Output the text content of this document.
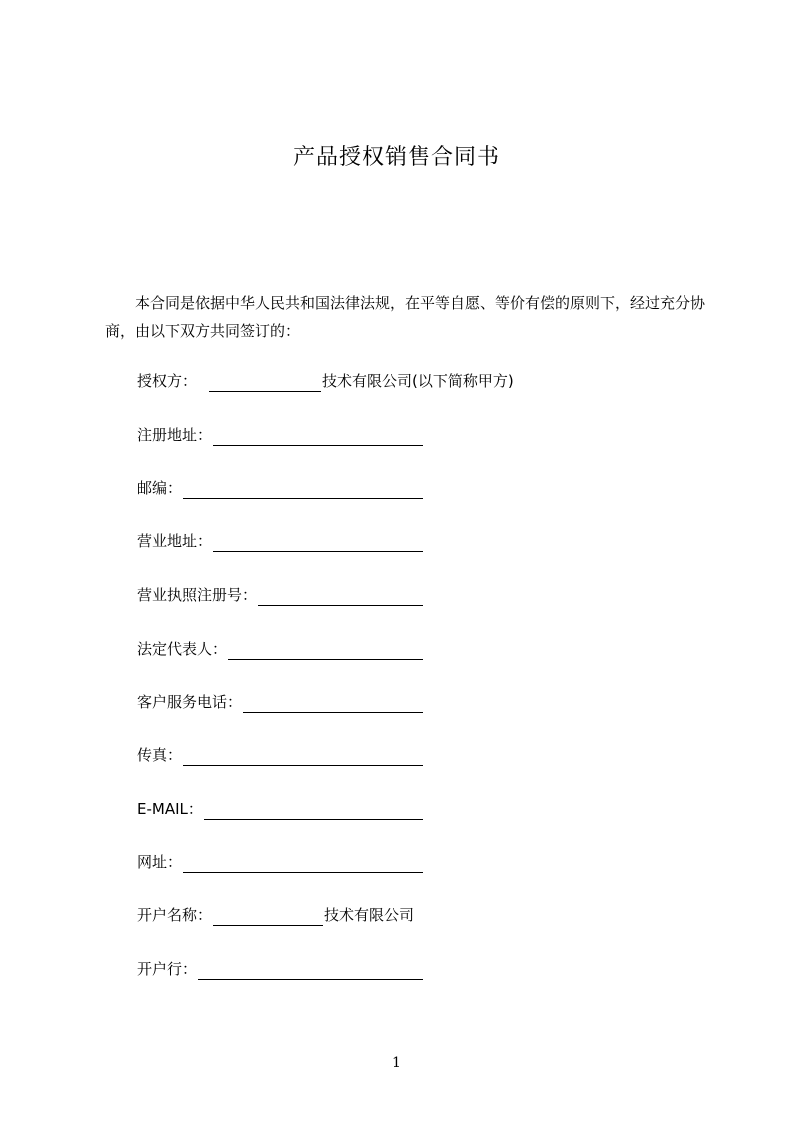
产品授权销售合同书
本合同是依据中华人民共和国法律法规，在平等自愿、等价有偿的原则下，经过充分协商，由以下双方共同签订的：
授权方：	技术有限公司(以下简称甲方)
注册地址：
邮编：
营业地址：
营业执照注册号：
法定代表人：
客户服务电话：
传真：
E-MAIL：
网址：
开户名称：	技术有限公司
开户行：
1
